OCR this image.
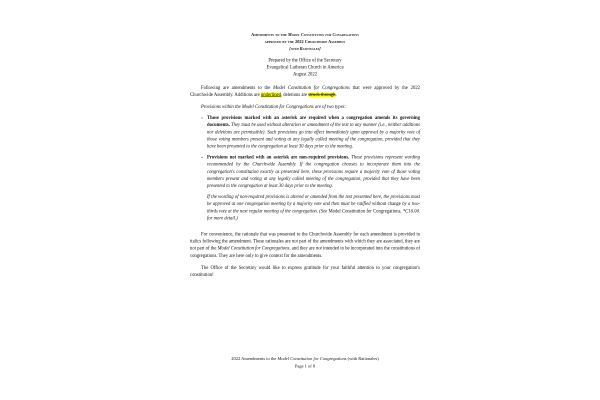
Amendments to the Model Constitution for Congregations
approved by the 2022 Churchwide Assembly
[with Rationales]
Prepared by the Office of the Secretary
Evangelical Lutheran Church in America
August 2022

Following are amendments to the Model Constitution for Congregations that were approved by the 2022 Churchwide Assembly. Additions are underlined, deletions are struck through.

Provisions within the Model Constitution for Congregations are of two types:

• Those provisions marked with an asterisk are required when a congregation amends its governing documents. They must be used without alteration or amendment of the text in any manner (i.e., neither additions nor deletions are permissible). Such provisions go into effect immediately upon approval by a majority vote of those voting members present and voting at any legally called meeting of the congregation, provided that they have been presented to the congregation at least 30 days prior to the meeting.
• Provisions not marked with an asterisk are non-required provisions. These provisions represent wording recommended by the Churchwide Assembly. If the congregation chooses to incorporate them into the congregation's constitution exactly as presented here, these provisions require a majority vote of those voting members present and voting at any legally called meeting of the congregation, provided that they have been presented to the congregation at least 30 days prior to the meeting.

If the wording of non-required provisions is altered or amended from the text presented here, the provisions must be approved at one congregation meeting by a majority vote and then must be ratified without change by a two-thirds vote at the next regular meeting of the congregation. (See Model Constitution for Congregations, *C16.04. for more detail.)

For convenience, the rationale that was presented to the Churchwide Assembly for each amendment is provided in italics following the amendment. These rationales are not part of the amendments with which they are associated, they are not part of the Model Constitution for Congregations, and they are not intended to be incorporated into the constitutions of congregations. They are here only to give context for the amendments.

The Office of the Secretary would like to express gratitude for your faithful attention to your congregation's constitution!

2022 Amendments to the Model Constitution for Congregations (with Rationales)
Page 1 of 8
